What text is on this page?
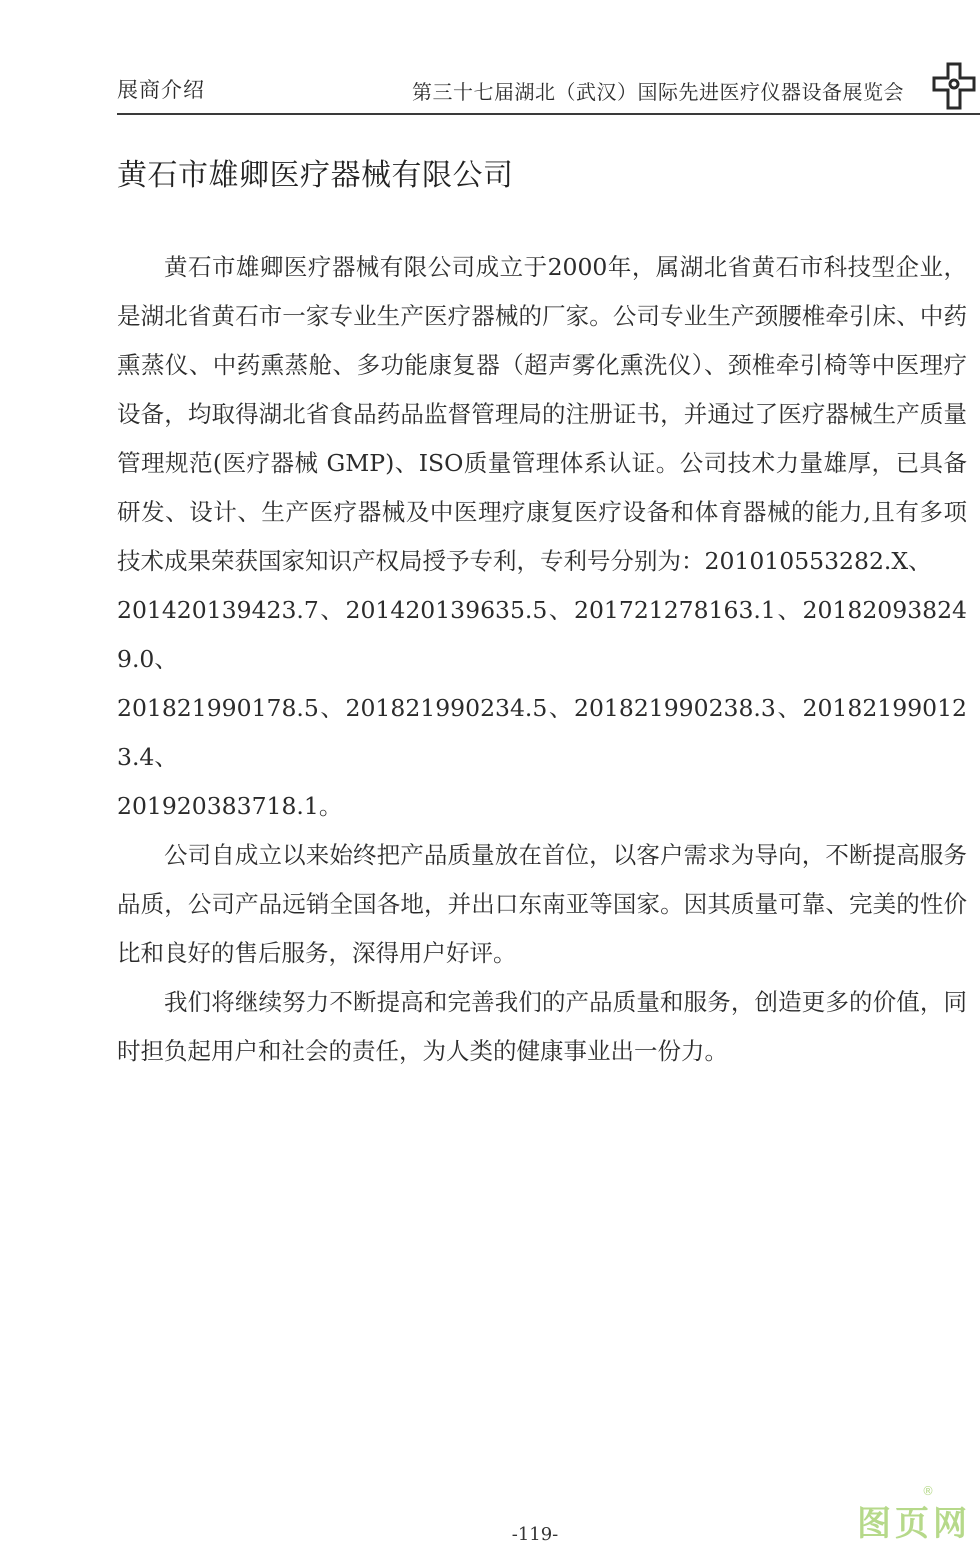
展商介绍	第三十七届湖北（武汉）国际先进医疗仪器设备展览会
黄石市雄卿医疗器械有限公司

黄石市雄卿医疗器械有限公司成立于2000年，属湖北省黄石市科技型企业，是湖北省黄石市一家专业生产医疗器械的厂家。公司专业生产颈腰椎牵引床、中药熏蒸仪、中药熏蒸舱、多功能康复器（超声雾化熏洗仪）、颈椎牵引椅等中医理疗设备，均取得湖北省食品药品监督管理局的注册证书，并通过了医疗器械生产质量管理规范(医疗器械 GMP)、ISO质量管理体系认证。公司技术力量雄厚，已具备研发、设计、生产医疗器械及中医理疗康复医疗设备和体育器械的能力,且有多项技术成果荣获国家知识产权局授予专利，专利号分别为：201010553282.X、

201420139423.7、201420139635.5、201721278163.1、201820938249.0、

201821990178.5、201821990234.5、201821990238.3、201821990123.4、

201920383718.1。

公司自成立以来始终把产品质量放在首位，以客户需求为导向，不断提高服务品质，公司产品远销全国各地，并出口东南亚等国家。因其质量可靠、完美的性价比和良好的售后服务，深得用户好评。

我们将继续努力不断提高和完善我们的产品质量和服务，创造更多的价值，同时担负起用户和社会的责任，为人类的健康事业出一份力。

图页网
®
-119-
